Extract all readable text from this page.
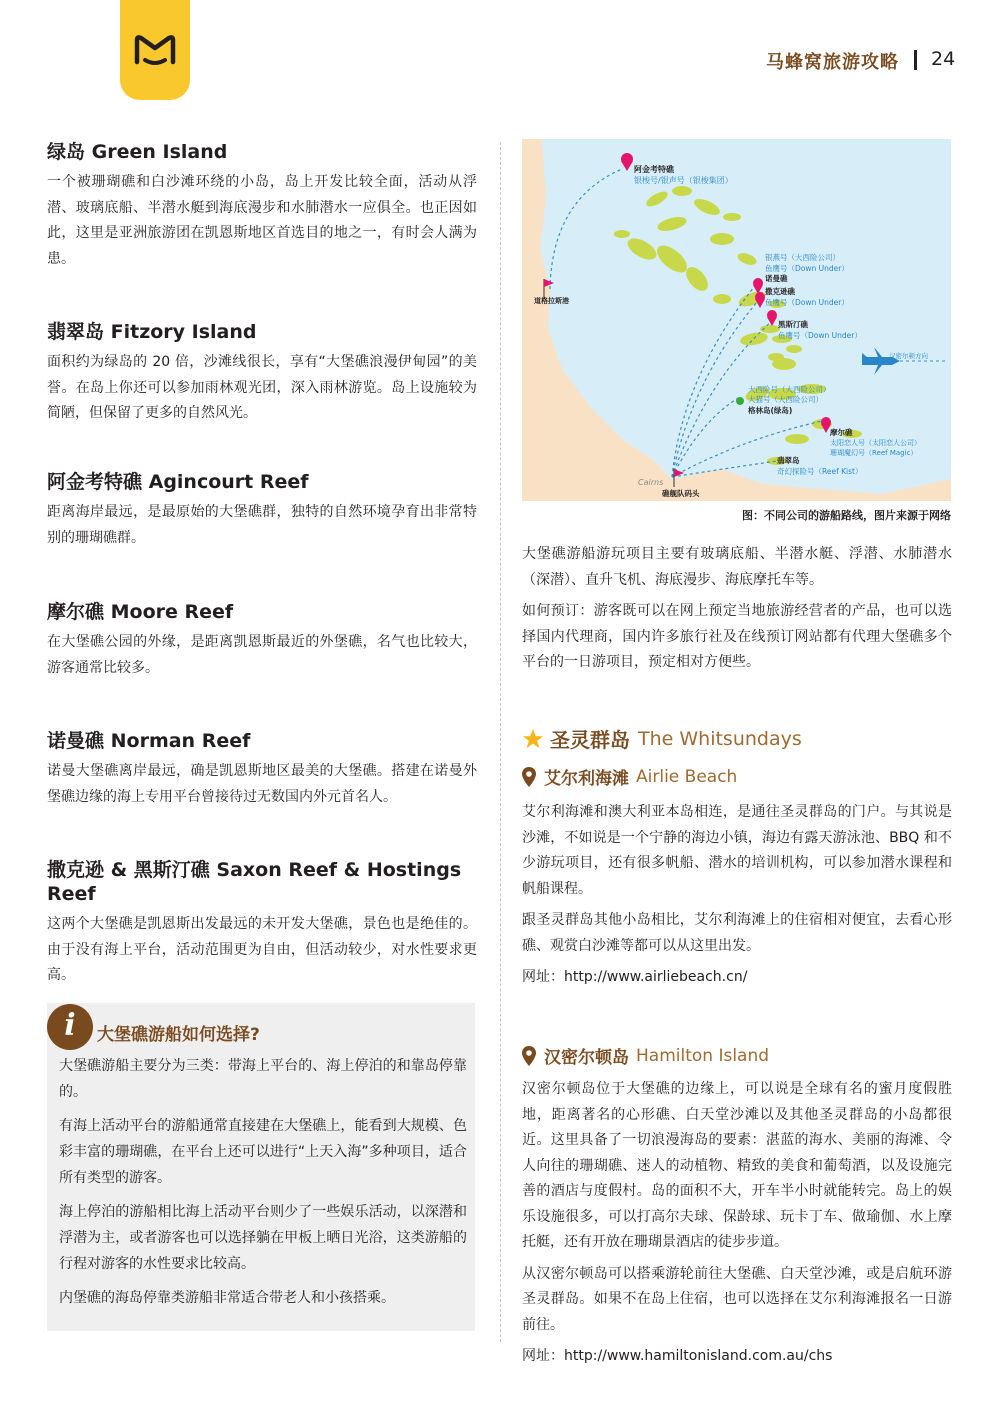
马蜂窝旅游攻略 24
绿岛 Green Island
一个被珊瑚礁和白沙滩环绕的小岛，岛上开发比较全面，活动从浮潜、玻璃底船、半潜水艇到海底漫步和水肺潜水一应俱全。也正因如此，这里是亚洲旅游团在凯恩斯地区首选目的地之一，有时会人满为患。
翡翠岛 Fitzory Island
面积约为绿岛的 20 倍，沙滩线很长，享有“大堡礁浪漫伊甸园”的美誉。在岛上你还可以参加雨林观光团，深入雨林游览。岛上设施较为简陋，但保留了更多的自然风光。
阿金考特礁 Agincourt Reef
距离海岸最远，是最原始的大堡礁群，独特的自然环境孕育出非常特别的珊瑚礁群。
摩尔礁 Moore Reef
在大堡礁公园的外缘，是距离凯恩斯最近的外堡礁，名气也比较大，游客通常比较多。
诺曼礁 Norman Reef
诺曼大堡礁离岸最远，确是凯恩斯地区最美的大堡礁。搭建在诺曼外堡礁边缘的海上专用平台曾接待过无数国内外元首名人。
撒克逊 & 黑斯汀礁 Saxon Reef & Hostings Reef
这两个大堡礁是凯恩斯出发最远的未开发大堡礁，景色也是绝佳的。由于没有海上平台，活动范围更为自由，但活动较少，对水性要求更高。
i	大堡礁游船如何选择?

大堡礁游船主要分为三类：带海上平台的、海上停泊的和靠岛停靠的。

有海上活动平台的游船通常直接建在大堡礁上，能看到大规模、色彩丰富的珊瑚礁，在平台上还可以进行“上天入海”多种项目，适合所有类型的游客。

海上停泊的游船相比海上活动平台则少了一些娱乐活动，以深潜和浮潜为主，或者游客也可以选择躺在甲板上晒日光浴，这类游船的行程对游客的水性要求比较高。

内堡礁的海岛停靠类游船非常适合带老人和小孩搭乘。

阿金考特礁
银梭号/银声号（银梭集团）
道格拉斯港
银燕号（大西险公司）
鱼鹰号（Down Under）
诺曼礁
撒克逊礁
鱼鹰号（Down Under）
黑斯汀礁
鱼鹰号（Down Under）
汉密尔顿方向
大西险号（大西险公司）
大猫号（大西险公司）
格林岛(绿岛)
摩尔礁
太阳恋人号（太阳恋人公司）
珊瑚魔幻号（Reef Magic）
翡翠岛
奇幻探险号（Reef Kist）
Cairns
礁舰队码头
图：不同公司的游船路线，图片来源于网络

大堡礁游船游玩项目主要有玻璃底船、半潜水艇、浮潜、水肺潜水（深潜）、直升飞机、海底漫步、海底摩托车等。

如何预订：游客既可以在网上预定当地旅游经营者的产品，也可以选择国内代理商，国内许多旅行社及在线预订网站都有代理大堡礁多个平台的一日游项目，预定相对方便些。

圣灵群岛 The Whitsundays
艾尔利海滩 Airlie Beach

艾尔利海滩和澳大利亚本岛相连，是通往圣灵群岛的门户。与其说是沙滩，不如说是一个宁静的海边小镇，海边有露天游泳池、BBQ 和不少游玩项目，还有很多帆船、潜水的培训机构，可以参加潜水课程和帆船课程。

跟圣灵群岛其他小岛相比，艾尔利海滩上的住宿相对便宜，去看心形礁、观赏白沙滩等都可以从这里出发。

网址：http://www.airliebeach.cn/

汉密尔顿岛 Hamilton Island

汉密尔顿岛位于大堡礁的边缘上，可以说是全球有名的蜜月度假胜地，距离著名的心形礁、白天堂沙滩以及其他圣灵群岛的小岛都很近。这里具备了一切浪漫海岛的要素：湛蓝的海水、美丽的海滩、令人向往的珊瑚礁、迷人的动植物、精致的美食和葡萄酒，以及设施完善的酒店与度假村。岛的面积不大，开车半小时就能转完。岛上的娱乐设施很多，可以打高尔夫球、保龄球、玩卡丁车、做瑜伽、水上摩托艇，还有开放在珊瑚景酒店的徒步步道。

从汉密尔顿岛可以搭乘游轮前往大堡礁、白天堂沙滩，或是启航环游圣灵群岛。如果不在岛上住宿，也可以选择在艾尔利海滩报名一日游前往。

网址：http://www.hamiltonisland.com.au/chs
